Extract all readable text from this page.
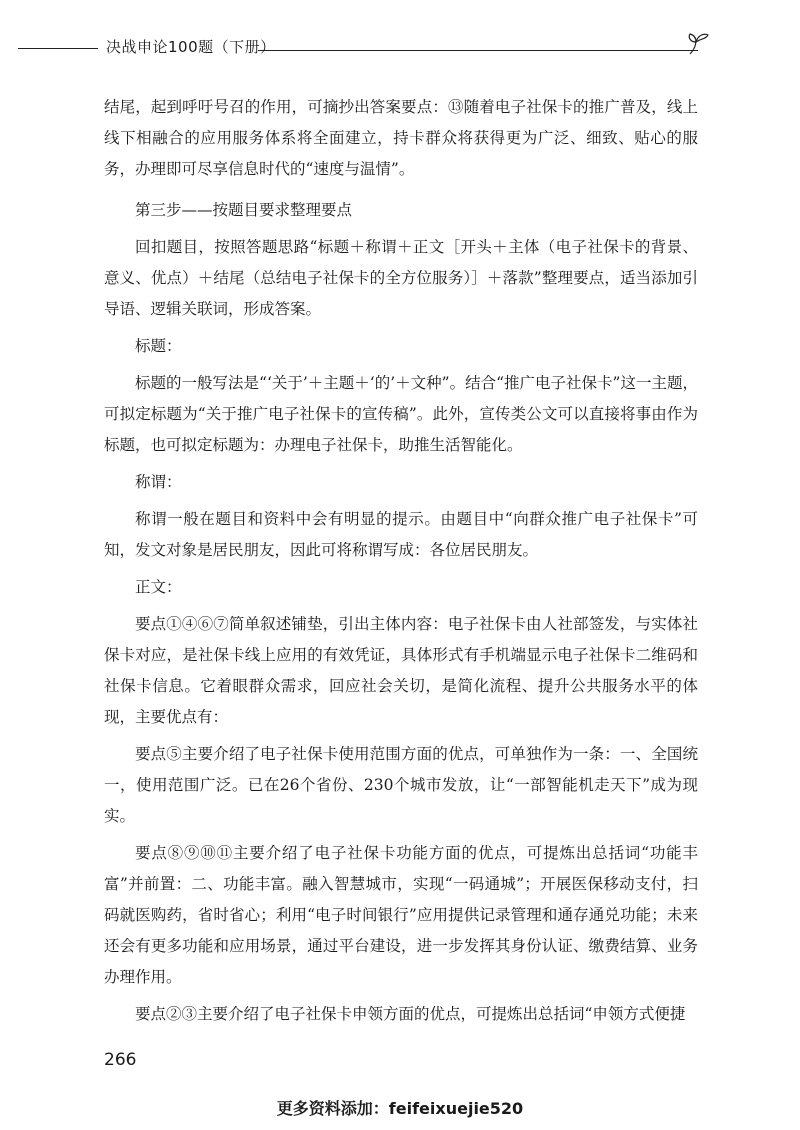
决战申论100题（下册）

结尾，起到呼吁号召的作用，可摘抄出答案要点：⑬随着电子社保卡的推广普及，线上线下相融合的应用服务体系将全面建立，持卡群众将获得更为广泛、细致、贴心的服务，办理即可尽享信息时代的“速度与温情”。

第三步——按题目要求整理要点

回扣题目，按照答题思路“标题＋称谓＋正文［开头＋主体（电子社保卡的背景、意义、优点）＋结尾（总结电子社保卡的全方位服务）］＋落款”整理要点，适当添加引导语、逻辑关联词，形成答案。

标题：

标题的一般写法是“‘关于’＋主题＋‘的’＋文种”。结合“推广电子社保卡”这一主题，可拟定标题为“关于推广电子社保卡的宣传稿”。此外，宣传类公文可以直接将事由作为标题，也可拟定标题为：办理电子社保卡，助推生活智能化。

称谓：

称谓一般在题目和资料中会有明显的提示。由题目中“向群众推广电子社保卡”可知，发文对象是居民朋友，因此可将称谓写成：各位居民朋友。

正文：

要点①④⑥⑦简单叙述铺垫，引出主体内容：电子社保卡由人社部签发，与实体社保卡对应，是社保卡线上应用的有效凭证，具体形式有手机端显示电子社保卡二维码和社保卡信息。它着眼群众需求，回应社会关切，是简化流程、提升公共服务水平的体现，主要优点有：

要点⑤主要介绍了电子社保卡使用范围方面的优点，可单独作为一条：一、全国统一，使用范围广泛。已在26个省份、230个城市发放，让“一部智能机走天下”成为现实。

要点⑧⑨⑩⑪主要介绍了电子社保卡功能方面的优点，可提炼出总括词“功能丰富”并前置：二、功能丰富。融入智慧城市，实现“一码通城”；开展医保移动支付，扫码就医购药，省时省心；利用“电子时间银行”应用提供记录管理和通存通兑功能；未来还会有更多功能和应用场景，通过平台建设，进一步发挥其身份认证、缴费结算、业务办理作用。

要点②③主要介绍了电子社保卡申领方面的优点，可提炼出总括词“申领方式便捷

266
更多资料添加：feifeixuejie520
